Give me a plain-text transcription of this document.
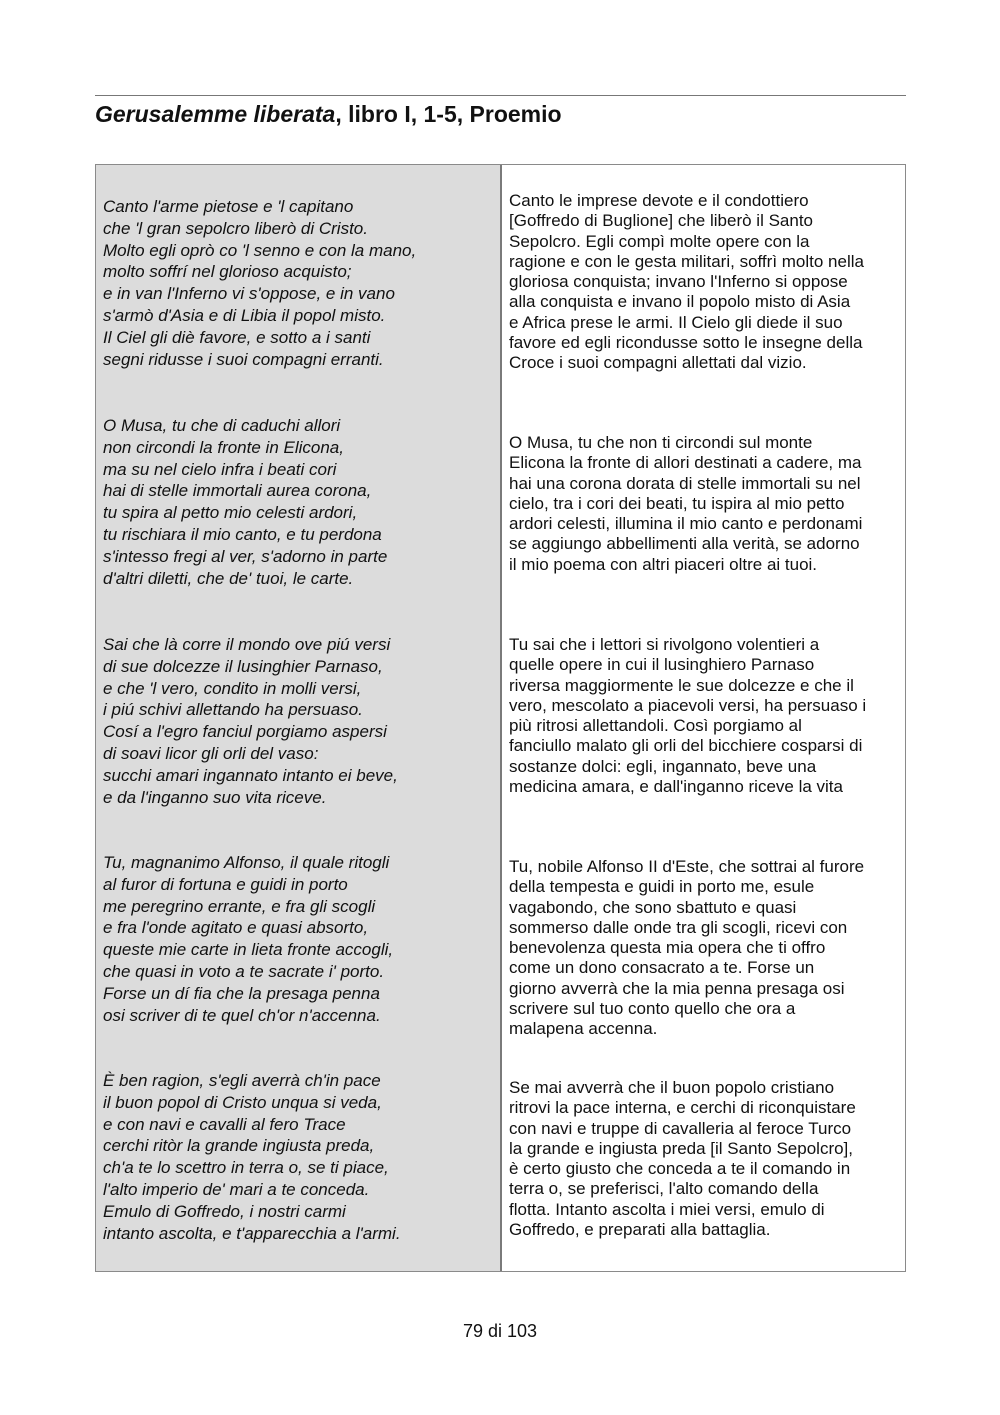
Gerusalemme liberata, libro I, 1-5, Proemio
Canto l'arme pietose e 'l capitano
che 'l gran sepolcro liberò di Cristo.
Molto egli oprò co 'l senno e con la mano,
molto soffrí nel glorioso acquisto;
e in van l'Inferno vi s'oppose, e in vano
s'armò d'Asia e di Libia il popol misto.
Il Ciel gli diè favore, e sotto a i santi
segni ridusse i suoi compagni erranti.
O Musa, tu che di caduchi allori
non circondi la fronte in Elicona,
ma su nel cielo infra i beati cori
hai di stelle immortali aurea corona,
tu spira al petto mio celesti ardori,
tu rischiara il mio canto, e tu perdona
s'intesso fregi al ver, s'adorno in parte
d'altri diletti, che de' tuoi, le carte.
Sai che là corre il mondo ove piú versi
di sue dolcezze il lusinghier Parnaso,
e che 'l vero, condito in molli versi,
i piú schivi allettando ha persuaso.
Cosí a l'egro fanciul porgiamo aspersi
di soavi licor gli orli del vaso:
succhi amari ingannato intanto ei beve,
e da l'inganno suo vita riceve.
Tu, magnanimo Alfonso, il quale ritogli
al furor di fortuna e guidi in porto
me peregrino errante, e fra gli scogli
e fra l'onde agitato e quasi absorto,
queste mie carte in lieta fronte accogli,
che quasi in voto a te sacrate i' porto.
Forse un dí fia che la presaga penna
osi scriver di te quel ch'or n'accenna.
È ben ragion, s'egli averrà ch'in pace
il buon popol di Cristo unqua si veda,
e con navi e cavalli al fero Trace
cerchi ritòr la grande ingiusta preda,
ch'a te lo scettro in terra o, se ti piace,
l'alto imperio de' mari a te conceda.
Emulo di Goffredo, i nostri carmi
intanto ascolta, e t'apparecchia a l'armi.
Canto le imprese devote e il condottiero
[Goffredo di Buglione] che liberò il Santo
Sepolcro. Egli compì molte opere con la
ragione e con le gesta militari, soffrì molto nella
gloriosa conquista; invano l'Inferno si oppose
alla conquista e invano il popolo misto di Asia
e Africa prese le armi. Il Cielo gli diede il suo
favore ed egli ricondusse sotto le insegne della
Croce i suoi compagni allettati dal vizio.
O Musa, tu che non ti circondi sul monte
Elicona la fronte di allori destinati a cadere, ma
hai una corona dorata di stelle immortali su nel
cielo, tra i cori dei beati, tu ispira al mio petto
ardori celesti, illumina il mio canto e perdonami
se aggiungo abbellimenti alla verità, se adorno
il mio poema con altri piaceri oltre ai tuoi.
Tu sai che i lettori si rivolgono volentieri a
quelle opere in cui il lusinghiero Parnaso
riversa maggiormente le sue dolcezze e che il
vero, mescolato a piacevoli versi, ha persuaso i
più ritrosi allettandoli. Così porgiamo al
fanciullo malato gli orli del bicchiere cosparsi di
sostanze dolci: egli, ingannato, beve una
medicina amara, e dall'inganno riceve la vita
Tu, nobile Alfonso II d'Este, che sottrai al furore
della tempesta e guidi in porto me, esule
vagabondo, che sono sbattuto e quasi
sommerso dalle onde tra gli scogli, ricevi con
benevolenza questa mia opera che ti offro
come un dono consacrato a te. Forse un
giorno avverrà che la mia penna presaga osi
scrivere sul tuo conto quello che ora a
malapena accenna.
Se mai avverrà che il buon popolo cristiano
ritrovi la pace interna, e cerchi di riconquistare
con navi e truppe di cavalleria al feroce Turco
la grande e ingiusta preda [il Santo Sepolcro],
è certo giusto che conceda a te il comando in
terra o, se preferisci, l'alto comando della
flotta. Intanto ascolta i miei versi, emulo di
Goffredo, e preparati alla battaglia.
79 di 103
